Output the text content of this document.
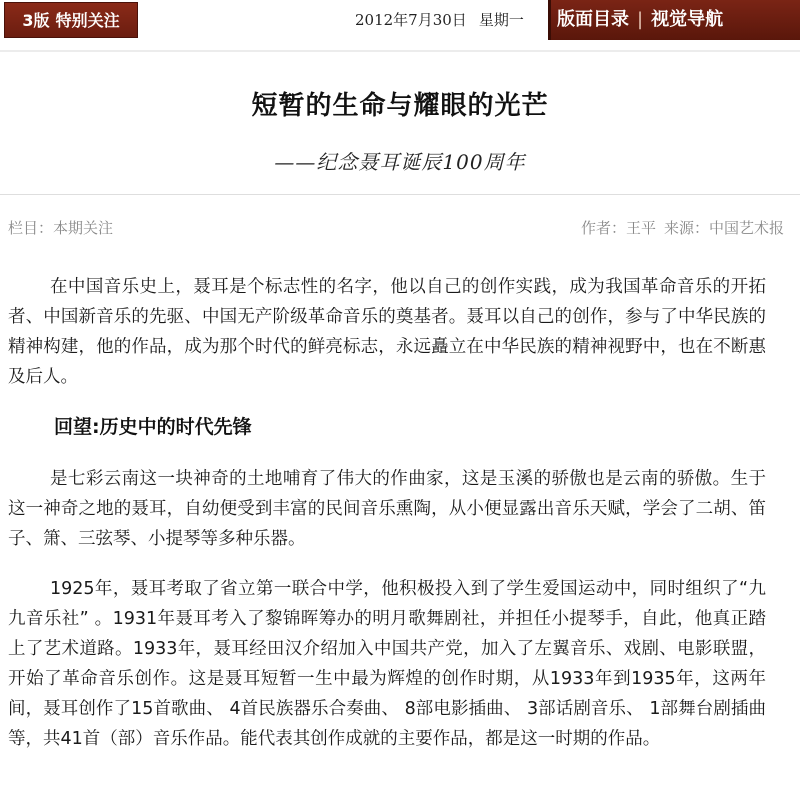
3版 特别关注	2012年7月30日 星期一	版面目录 | 视觉导航
短暂的生命与耀眼的光芒
——纪念聂耳诞辰100周年
栏目：本期关注	作者：王平 来源：中国艺术报

在中国音乐史上，聂耳是个标志性的名字，他以自己的创作实践，成为我国革命音乐的开拓者、中国新音乐的先驱、中国无产阶级革命音乐的奠基者。聂耳以自己的创作，参与了中华民族的精神构建，他的作品，成为那个时代的鲜亮标志，永远矗立在中华民族的精神视野中，也在不断惠及后人。

回望:历史中的时代先锋

是七彩云南这一块神奇的土地哺育了伟大的作曲家，这是玉溪的骄傲也是云南的骄傲。生于这一神奇之地的聂耳，自幼便受到丰富的民间音乐熏陶，从小便显露出音乐天赋，学会了二胡、笛子、箫、三弦琴、小提琴等多种乐器。

1925年，聂耳考取了省立第一联合中学，他积极投入到了学生爱国运动中，同时组织了“九九音乐社” 。1931年聂耳考入了黎锦晖筹办的明月歌舞剧社，并担任小提琴手，自此，他真正踏上了艺术道路。1933年，聂耳经田汉介绍加入中国共产党，加入了左翼音乐、戏剧、电影联盟，开始了革命音乐创作。这是聂耳短暂一生中最为辉煌的创作时期，从1933年到1935年，这两年间，聂耳创作了15首歌曲、 4首民族器乐合奏曲、 8部电影插曲、 3部话剧音乐、 1部舞台剧插曲等，共41首（部）音乐作品。能代表其创作成就的主要作品，都是这一时期的作品。
